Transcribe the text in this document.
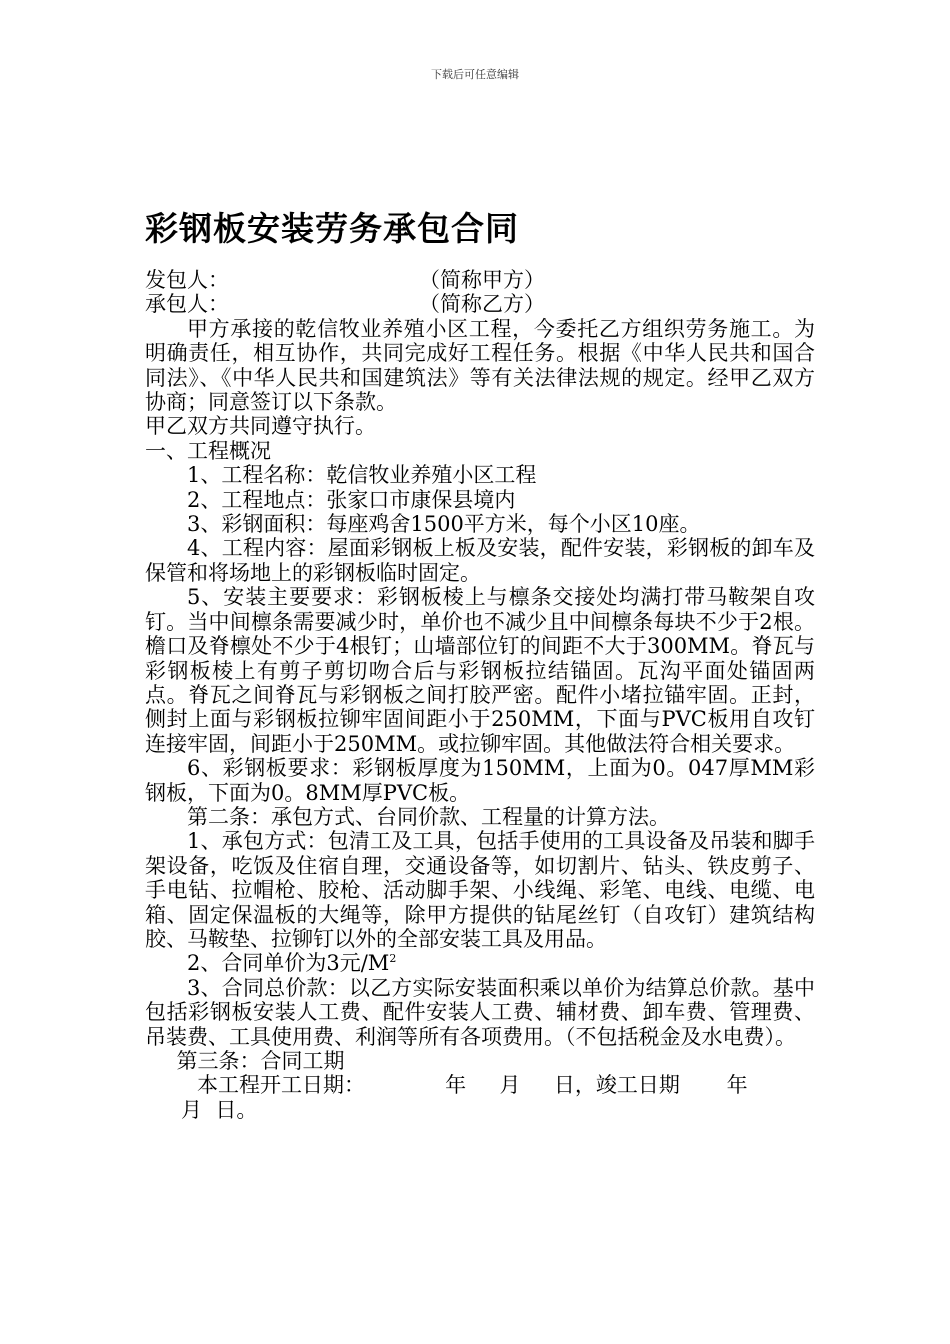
下载后可任意编辑
彩钢板安装劳务承包合同

发包人：	（简称甲方）

承包人：	（简称乙方）

甲方承接的乾信牧业养殖小区工程，今委托乙方组织劳务施工。为明确责任，相互协作，共同完成好工程任务。根据《中华人民共和国合同法》、《中华人民共和国建筑法》等有关法律法规的规定。经甲乙双方协商；同意签订以下条款。

甲乙双方共同遵守执行。

一、工程概况

1、工程名称：乾信牧业养殖小区工程

2、工程地点：张家口市康保县境内

3、彩钢面积：每座鸡舍1500平方米，每个小区10座。

4、工程内容：屋面彩钢板上板及安装，配件安装，彩钢板的卸车及保管和将场地上的彩钢板临时固定。

5、安装主要要求：彩钢板棱上与檩条交接处均满打带马鞍架自攻钉。当中间檩条需要减少时，单价也不减少且中间檩条每块不少于2根。檐口及脊檩处不少于4根钉；山墙部位钉的间距不大于300MM。脊瓦与彩钢板棱上有剪子剪切吻合后与彩钢板拉结锚固。瓦沟平面处锚固两点。脊瓦之间脊瓦与彩钢板之间打胶严密。配件小堵拉锚牢固。正封，侧封上面与彩钢板拉铆牢固间距小于250MM，下面与PVC板用自攻钉连接牢固，间距小于250MM。或拉铆牢固。其他做法符合相关要求。

6、彩钢板要求：彩钢板厚度为150MM，上面为0。047厚MM彩钢板，下面为0。8MM厚PVC板。

第二条：承包方式、台同价款、工程量的计算方法。

1、承包方式：包清工及工具，包括手使用的工具设备及吊装和脚手架设备，吃饭及住宿自理，交通设备等，如切割片、钻头、铁皮剪子、手电钻、拉帽枪、胶枪、活动脚手架、小线绳、彩笔、电线、电缆、电箱、固定保温板的大绳等，除甲方提供的钻尾丝钉（自攻钉）建筑结构胶、马鞍垫、拉铆钉以外的全部安装工具及用品。

2、合同单价为3元$/M^2$

3、合同总价款：以乙方实际安装面积乘以单价为结算总价款。基中包括彩钢板安装人工费、配件安装人工费、辅材费、卸车费、管理费、吊装费、工具使用费、利润等所有各项费用。（不包括税金及水电费）。

第三条：合同工期

本工程开工日期：            年     月     日，竣工日期       年

月  日。
